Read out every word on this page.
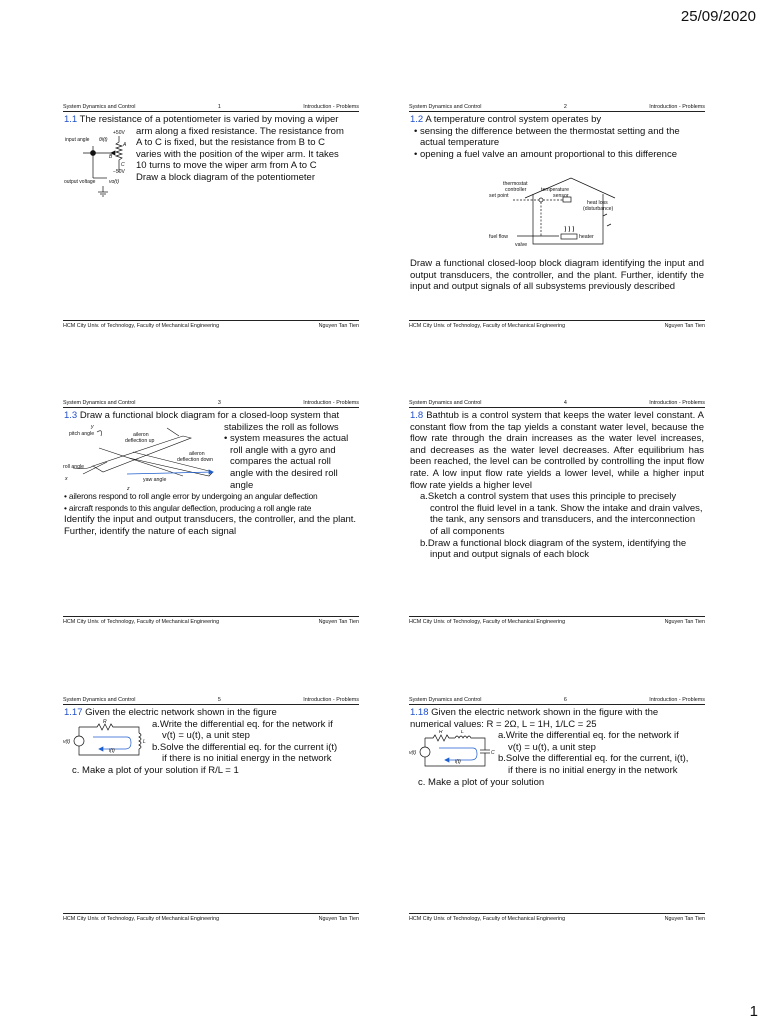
25/09/2020
System Dynamics and Control	1	Introduction - Problems

1.1 The resistance of a potentiometer is varied by moving a wiper

arm along a fixed resistance. The resistance from

A to C is fixed, but the resistance from B to C

varies with the position of the wiper arm. It takes

10 turns to move the wiper arm from A to C

Draw a block diagram of the potentiometer

input angle θi(t)
+50V
−50V
A
B
C
output voltage	vo(t)
HCM City Univ. of Technology, Faculty of Mechanical Engineering	Nguyen Tan Tien
System Dynamics and Control	2	Introduction - Problems

1.2 A temperature control system operates by

• sensing the difference between the thermostat setting and the actual temperature

• opening a fuel valve an amount proportional to this difference

thermostat
controller
set point
temperature
sensor
heat loss
(disturbance)
fuel flow
valve
heater

Draw a functional closed-loop block diagram identifying the input and output transducers, the controller, and the plant. Further, identify the input and output signals of all subsystems previously described

HCM City Univ. of Technology, Faculty of Mechanical Engineering	Nguyen Tan Tien
System Dynamics and Control	3	Introduction - Problems

1.3 Draw a functional block diagram for a closed-loop system that

stabilizes the roll as follows

• system measures the actual

roll angle with a gyro and

compares the actual roll

angle with the desired roll angle

• ailerons respond to roll angle error by undergoing an angular deflection

• aircraft responds to this angular deflection, producing a roll angle rate

Identify the input and output transducers, the controller, and the plant. Further, identify the nature of each signal

pitch angle	aileron
deflection up
aileron
deflection down
roll angle
yaw angle
x
y
z
HCM City Univ. of Technology, Faculty of Mechanical Engineering	Nguyen Tan Tien
System Dynamics and Control	4	Introduction - Problems

1.8 Bathtub is a control system that keeps the water level constant. A constant flow from the tap yields a constant water level, because the flow rate through the drain increases as the water level increases, and decreases as the water level decreases. After equilibrium has been reached, the level can be controlled by controlling the input flow rate. A low input flow rate yields a lower level, while a higher input flow rate yields a higher level

a.Sketch a control system that uses this principle to precisely control the fluid level in a tank. Show the intake and drain valves, the tank, any sensors and transducers, and the interconnection of all components

b.Draw a functional block diagram of the system, identifying the input and output signals of each block

HCM City Univ. of Technology, Faculty of Mechanical Engineering	Nguyen Tan Tien
System Dynamics and Control	5	Introduction - Problems

1.17 Given the electric network shown in the figure

a.Write the differential eq. for the network if

v(t) = u(t), a unit step

b.Solve the differential eq. for the current i(t)

if there is no initial energy in the network

c. Make a plot of your solution if R/L = 1

R
L
v(t)
i(t)
HCM City Univ. of Technology, Faculty of Mechanical Engineering	Nguyen Tan Tien
System Dynamics and Control	6	Introduction - Problems

1.18 Given the electric network shown in the figure with the

numerical values: R = 2Ω, L = 1H, 1/LC = 25

a.Write the differential eq. for the network if

v(t) = u(t), a unit step

b.Solve the differential eq. for the current, i(t),

if there is no initial energy in the network

c. Make a plot of your solution

R	L
C
v(t)
i(t)
HCM City Univ. of Technology, Faculty of Mechanical Engineering	Nguyen Tan Tien
1
